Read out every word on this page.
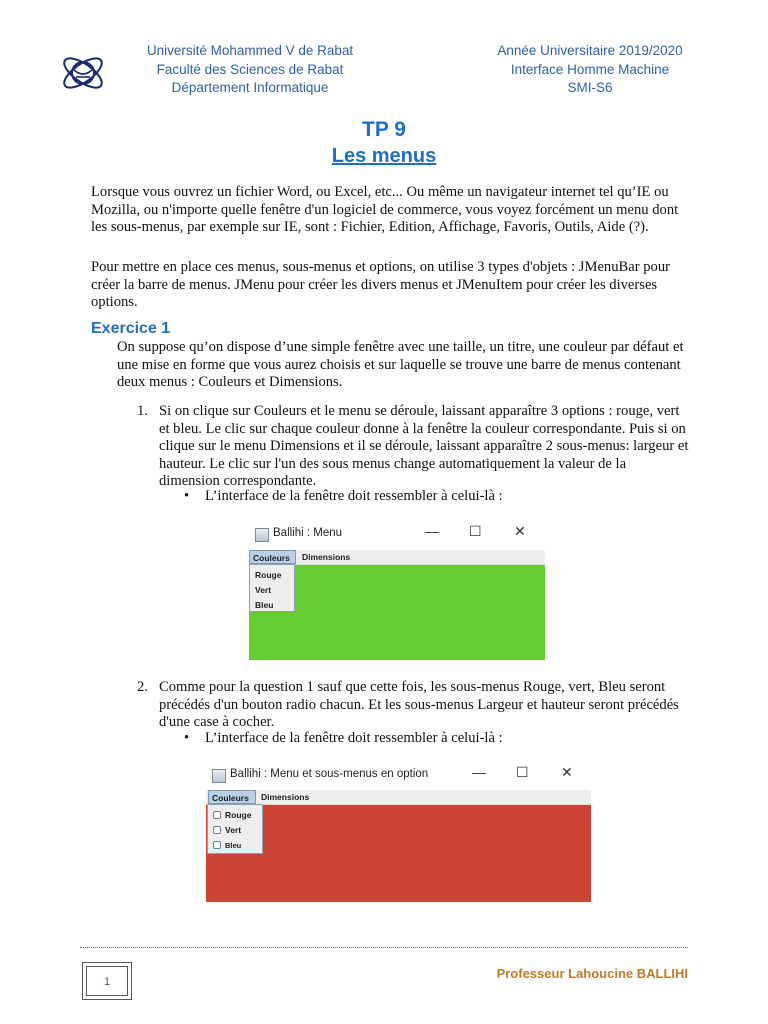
Université Mohammed V de Rabat
Faculté des Sciences de Rabat
Département Informatique
Année Universitaire 2019/2020
Interface Homme Machine
SMI-S6
TP 9
Les menus
Lorsque vous ouvrez un fichier Word, ou Excel, etc... Ou même un navigateur internet tel qu’IE ou Mozilla, ou n'importe quelle fenêtre d'un logiciel de commerce, vous voyez forcément un menu dont les sous-menus, par exemple sur IE, sont : Fichier, Edition, Affichage, Favoris, Outils, Aide (?).
Pour mettre en place ces menus, sous-menus et options, on utilise 3 types d'objets : JMenuBar pour créer la barre de menus. JMenu pour créer les divers menus et JMenuItem pour créer les diverses options.
Exercice 1
On suppose qu’on dispose d’une simple fenêtre avec une taille, un titre, une couleur par défaut et une mise en forme que vous aurez choisis et sur laquelle se trouve une barre de menus contenant deux menus : Couleurs et Dimensions.
1. Si on clique sur Couleurs et le menu se déroule, laissant apparaître 3 options : rouge, vert et bleu. Le clic sur chaque couleur donne à la fenêtre la couleur correspondante. Puis si on clique sur le menu Dimensions et il se déroule, laissant apparaître 2 sous-menus: largeur et hauteur. Le clic sur l'un des sous menus change automatiquement la valeur de la dimension correspondante.
• L’interface de la fenêtre doit ressembler à celui-là :
Ballihi : Menu	— ☐ ✕
Couleurs	Dimensions
Rouge
Vert
Bleu
2. Comme pour la question 1 sauf que cette fois, les sous-menus Rouge, vert, Bleu seront précédés d'un bouton radio chacun. Et les sous-menus Largeur et hauteur seront précédés d'une case à cocher.
• L’interface de la fenêtre doit ressembler à celui-là :
Ballihi : Menu et sous-menus en option	— ☐ ✕
Couleurs	Dimensions
Rouge
Vert
Bleu
1
Professeur Lahoucine BALLIHI
